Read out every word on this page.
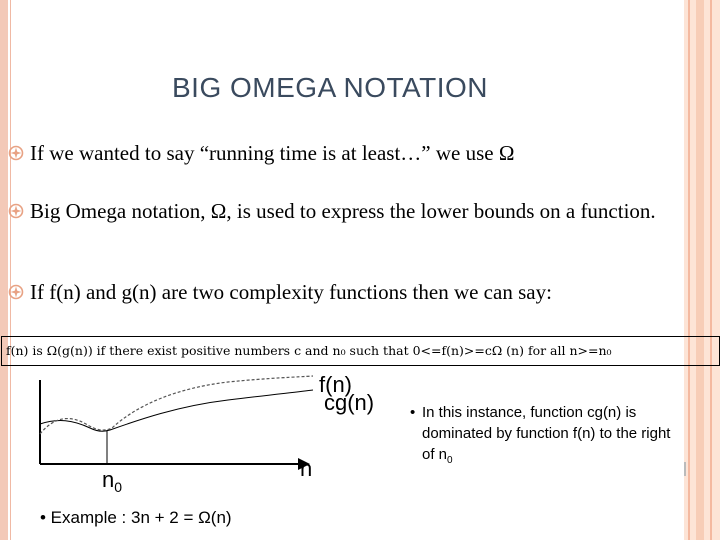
BIG OMEGA NOTATION
If we wanted to say “running time is at least…” we use Ω
Big Omega notation, Ω, is used to express the lower bounds on a function.
If f(n) and g(n) are two complexity functions then we can say:
f(n) is Ω(g(n)) if there exist positive numbers c and n₀ such that 0<=f(n)>=cΩ (n) for all n>=n₀
f(n)
cg(n)
n
$n_0$
• In this instance, function cg(n) is dominated by function f(n) to the right of $n_0$
• Example : 3n + 2 = Ω(n)
